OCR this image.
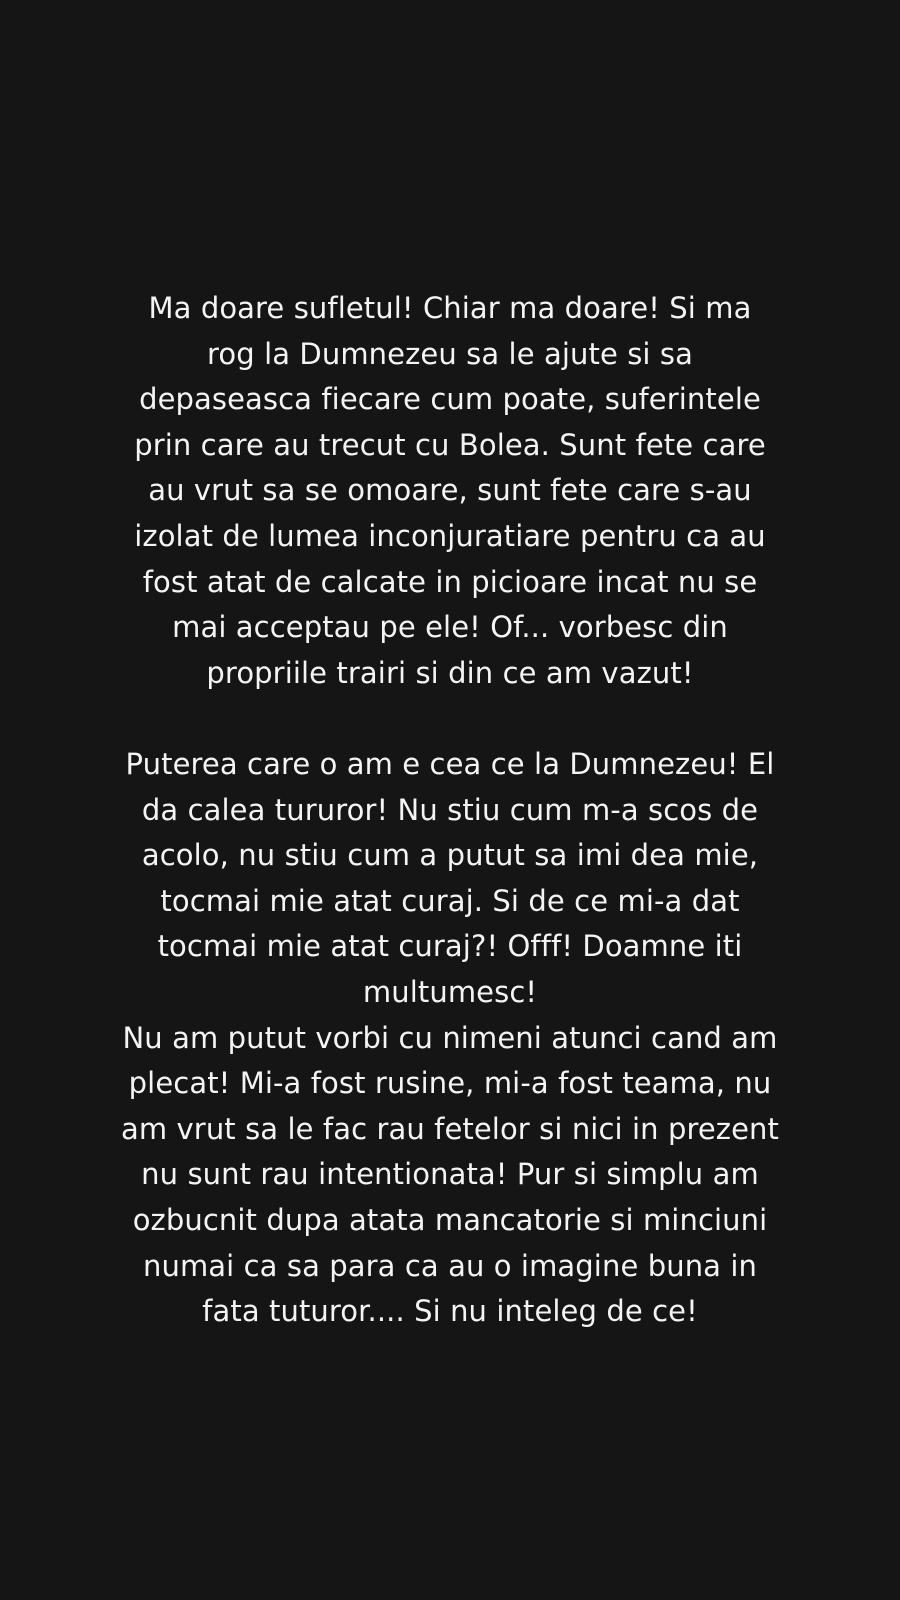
Ma doare sufletul! Chiar ma doare! Si ma
rog la Dumnezeu sa le ajute si sa
depaseasca fiecare cum poate, suferintele
prin care au trecut cu Bolea. Sunt fete care
au vrut sa se omoare, sunt fete care s-au
izolat de lumea inconjuratiare pentru ca au
fost atat de calcate in picioare incat nu se
mai acceptau pe ele! Of... vorbesc din
propriile trairi si din ce am vazut!
Puterea care o am e cea ce la Dumnezeu! El
da calea tururor! Nu stiu cum m-a scos de
acolo, nu stiu cum a putut sa imi dea mie,
tocmai mie atat curaj. Si de ce mi-a dat
tocmai mie atat curaj?! Offf! Doamne iti
multumesc!
Nu am putut vorbi cu nimeni atunci cand am
plecat! Mi-a fost rusine, mi-a fost teama, nu
am vrut sa le fac rau fetelor si nici in prezent
nu sunt rau intentionata! Pur si simplu am
ozbucnit dupa atata mancatorie si minciuni
numai ca sa para ca au o imagine buna in
fata tuturor.... Si nu inteleg de ce!
